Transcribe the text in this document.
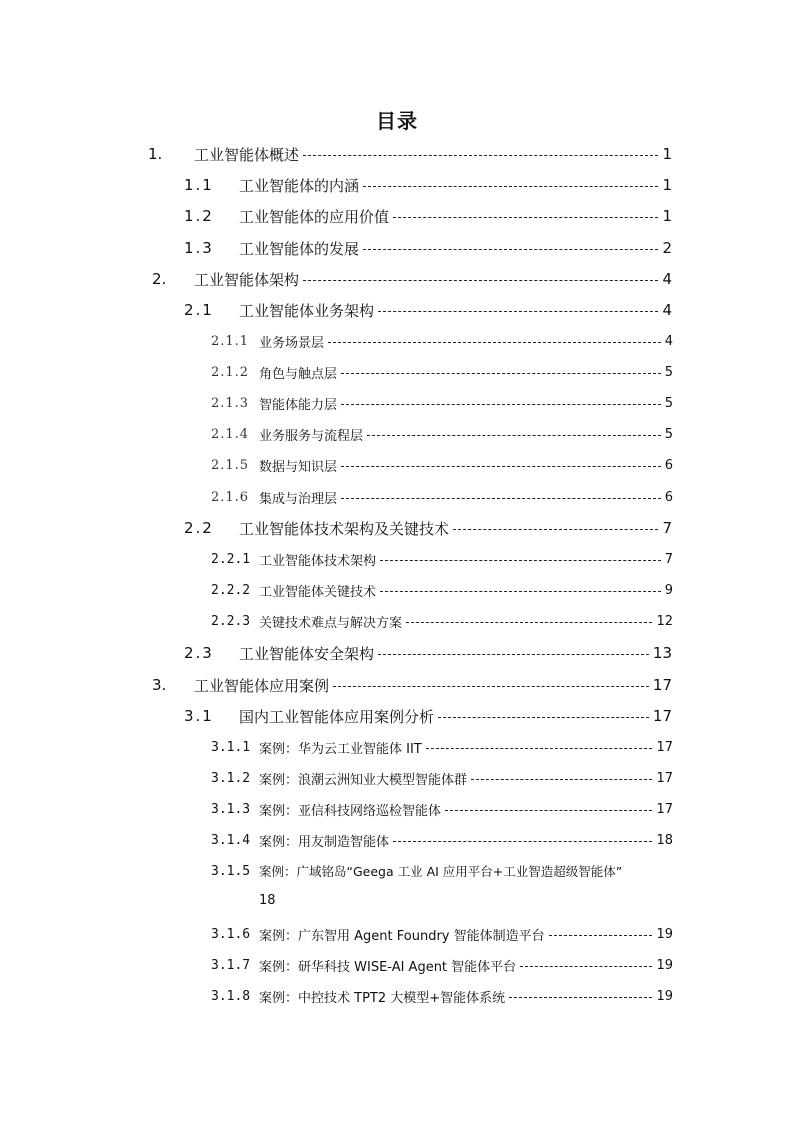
目录
1.	工业智能体概述	1
1.1	工业智能体的内涵	1
1.2	工业智能体的应用价值	1
1.3	工业智能体的发展	2
2.	工业智能体架构	4
2.1	工业智能体业务架构	4
2.1.1 业务场景层	4
2.1.2 角色与触点层	5
2.1.3 智能体能力层	5
2.1.4 业务服务与流程层	5
2.1.5 数据与知识层	6
2.1.6 集成与治理层	6
2.2	工业智能体技术架构及关键技术	7
2.2.1 工业智能体技术架构	7
2.2.2 工业智能体关键技术	9
2.2.3 关键技术难点与解决方案	12
2.3	工业智能体安全架构	13
3.	工业智能体应用案例	17
3.1	国内工业智能体应用案例分析	17
3.1.1 案例：华为云工业智能体 IIT	17
3.1.2 案例：浪潮云洲知业大模型智能体群	17
3.1.3 案例：亚信科技网络巡检智能体	17
3.1.4 案例：用友制造智能体	18
3.1.5 案例：广域铭岛“Geega 工业 AI 应用平台+工业智造超级智能体”
18
3.1.6 案例：广东智用 Agent Foundry 智能体制造平台	19
3.1.7 案例：研华科技 WISE-AI Agent 智能体平台	19
3.1.8 案例：中控技术 TPT2 大模型+智能体系统	19
